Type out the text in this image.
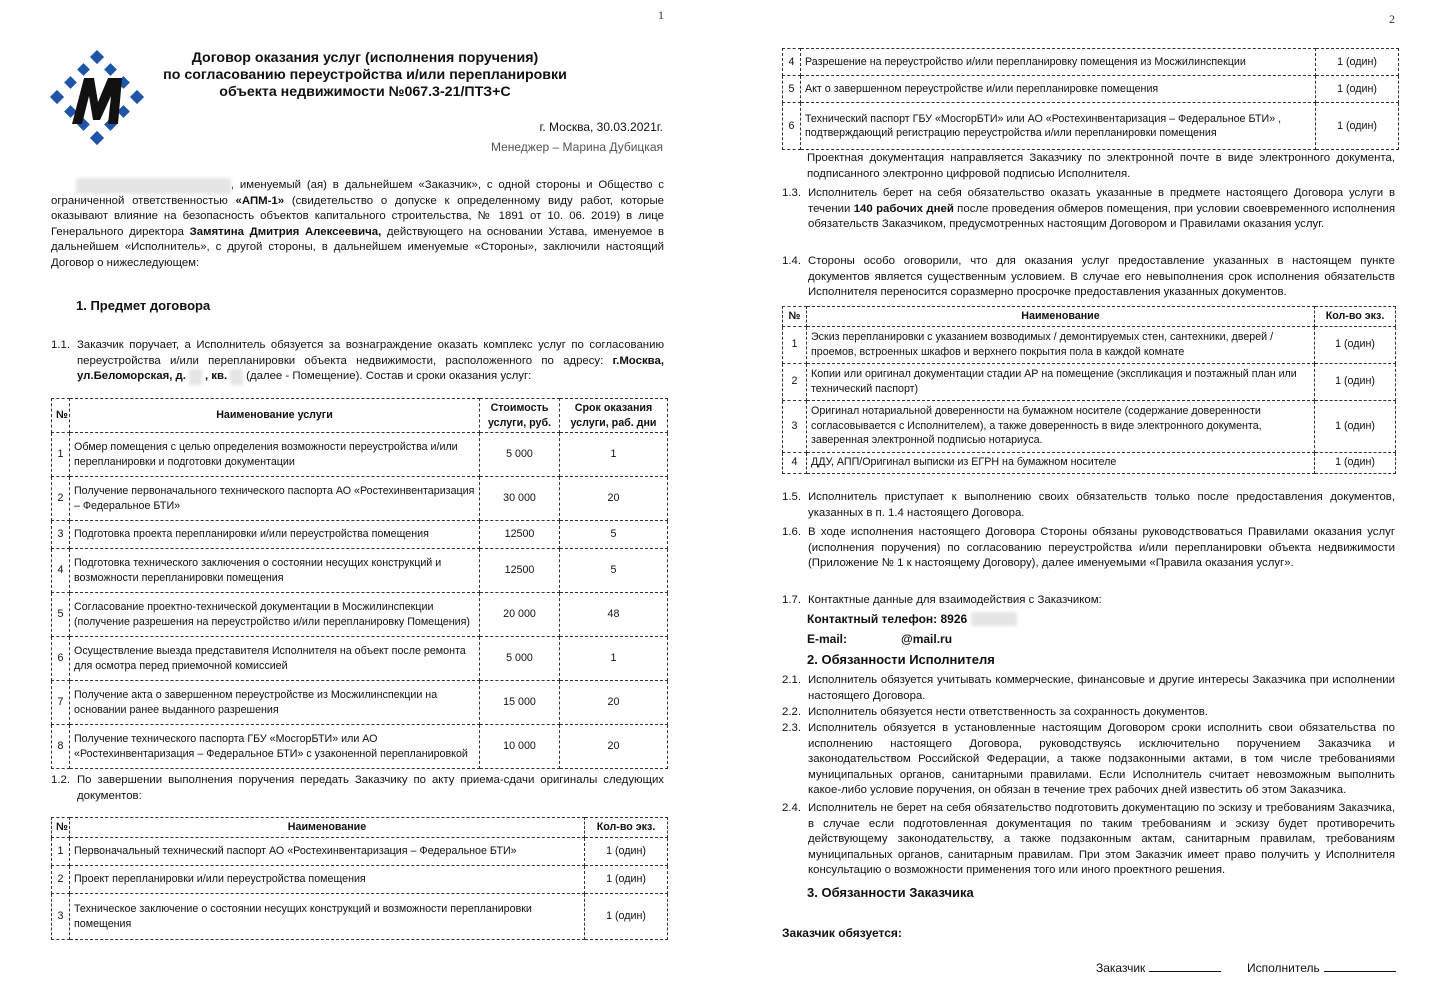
1
Договор оказания услуг (исполнения поручения)
по согласованию переустройства и/или перепланировки
объекта недвижимости №067.3-21/ПТЗ+С
г. Москва, 30.03.2021г.
Менеджер – Марина Дубицкая
, именуемый (ая) в дальнейшем «Заказчик», с одной стороны и Общество с ограниченной ответственностью «АПМ-1» (свидетельство о допуске к определенному виду работ, которые оказывают влияние на безопасность объектов капитального строительства, № 1891 от 10. 06. 2019) в лице Генерального директора Замятина Дмитрия Алексеевича, действующего на основании Устава, именуемое в дальнейшем «Исполнитель», с другой стороны, в дальнейшем именуемые «Стороны», заключили настоящий Договор о нижеследующем:
1. Предмет договора
1.1. Заказчик поручает, а Исполнитель обязуется за вознаграждение оказать комплекс услуг по согласованию переустройства и/или перепланировки объекта недвижимости, расположенного по адресу: г.Москва, ул.Беломорская, д. , кв.  (далее - Помещение). Состав и сроки оказания услуг:
№	Наименование услуги	Стоимость услуги, руб.	Срок оказания услуги, раб. дни
1	Обмер помещения с целью определения возможности переустройства и/или перепланировки и подготовки документации	5 000	1
2	Получение первоначального технического паспорта АО «Ростехинвентаризация – Федеральное БТИ»	30 000	20
3	Подготовка проекта перепланировки и/или переустройства помещения	12500	5
4	Подготовка технического заключения о состоянии несущих конструкций и возможности перепланировки помещения	12500	5
5	Согласование проектно-технической документации в Мосжилинспекции (получение разрешения на переустройство и/или перепланировку Помещения)	20 000	48
6	Осуществление выезда представителя Исполнителя на объект после ремонта для осмотра перед приемочной комиссией	5 000	1
7	Получение акта о завершенном переустройстве из Мосжилинспекции на основании ранее выданного разрешения	15 000	20
8	Получение технического паспорта ГБУ «МосгорБТИ» или АО «Ростехинвентаризация – Федеральное БТИ» с узаконенной перепланировкой	10 000	20
1.2. По завершении выполнения поручения передать Заказчику по акту приема-сдачи оригиналы следующих документов:
№	Наименование	Кол-во экз.
1	Первоначальный технический паспорт АО «Ростехинвентаризация – Федеральное БТИ»	1 (один)
2	Проект перепланировки и/или переустройства помещения	1 (один)
3	Техническое заключение о состоянии несущих конструкций и возможности перепланировки помещения	1 (один)
2
4	Разрешение на переустройство и/или перепланировку помещения из Мосжилинспекции	1 (один)
5	Акт о завершенном переустройстве и/или перепланировке помещения	1 (один)
6	Технический паспорт ГБУ «МосгорБТИ» или АО «Ростехинвентаризация – Федеральное БТИ» , подтверждающий регистрацию переустройства и/или перепланировки помещения	1 (один)
Проектная документация направляется Заказчику по электронной почте в виде электронного документа, подписанного электронно цифровой подписью Исполнителя.
1.3. Исполнитель берет на себя обязательство оказать указанные в предмете настоящего Договора услуги в течении 140 рабочих дней после проведения обмеров помещения, при условии своевременного исполнения обязательств Заказчиком, предусмотренных настоящим Договором и Правилами оказания услуг.
1.4. Стороны особо оговорили, что для оказания услуг предоставление указанных в настоящем пункте документов является существенным условием. В случае его невыполнения срок исполнения обязательств Исполнителя переносится соразмерно просрочке предоставления указанных документов.
№	Наименование	Кол-во экз.
1	Эскиз перепланировки с указанием возводимых / демонтируемых стен, сантехники, дверей / проемов, встроенных шкафов и верхнего покрытия пола в каждой комнате	1 (один)
2	Копии или оригинал документации стадии АР на помещение (экспликация и поэтажный план или технический паспорт)	1 (один)
3	Оригинал нотариальной доверенности на бумажном носителе (содержание доверенности согласовывается с Исполнителем), а также доверенность в виде электронного документа, заверенная электронной подписью нотариуса.	1 (один)
4	ДДУ, АПП/Оригинал выписки из ЕГРН на бумажном носителе	1 (один)
1.5. Исполнитель приступает к выполнению своих обязательств только после предоставления документов, указанных в п. 1.4 настоящего Договора.
1.6. В ходе исполнения настоящего Договора Стороны обязаны руководствоваться Правилами оказания услуг (исполнения поручения) по согласованию переустройства и/или перепланировки объекта недвижимости (Приложение № 1 к настоящему Договору), далее именуемыми «Правила оказания услуг».
1.7. Контактные данные для взаимодействия с Заказчиком:
Контактный телефон: 8926
E-mail:	@mail.ru
2. Обязанности Исполнителя
2.1. Исполнитель обязуется учитывать коммерческие, финансовые и другие интересы Заказчика при исполнении настоящего Договора.
2.2. Исполнитель обязуется нести ответственность за сохранность документов.
2.3. Исполнитель обязуется в установленные настоящим Договором сроки исполнить свои обязательства по исполнению настоящего Договора, руководствуясь исключительно поручением Заказчика и законодательством Российской Федерации, а также подзаконными актами, в том числе требованиями муниципальных органов, санитарными правилами. Если Исполнитель считает невозможным выполнить какое-либо условие поручения, он обязан в течение трех рабочих дней известить об этом Заказчика.
2.4. Исполнитель не берет на себя обязательство подготовить документацию по эскизу и требованиям Заказчика, в случае если подготовленная документация по таким требованиям и эскизу будет противоречить действующему законодательству, а также подзаконным актам, санитарным правилам, требованиям муниципальных органов, санитарным правилам. При этом Заказчик имеет право получить у Исполнителя консультацию о возможности применения того или иного проектного решения.
3. Обязанности Заказчика
Заказчик обязуется:
Заказчик	Исполнитель
